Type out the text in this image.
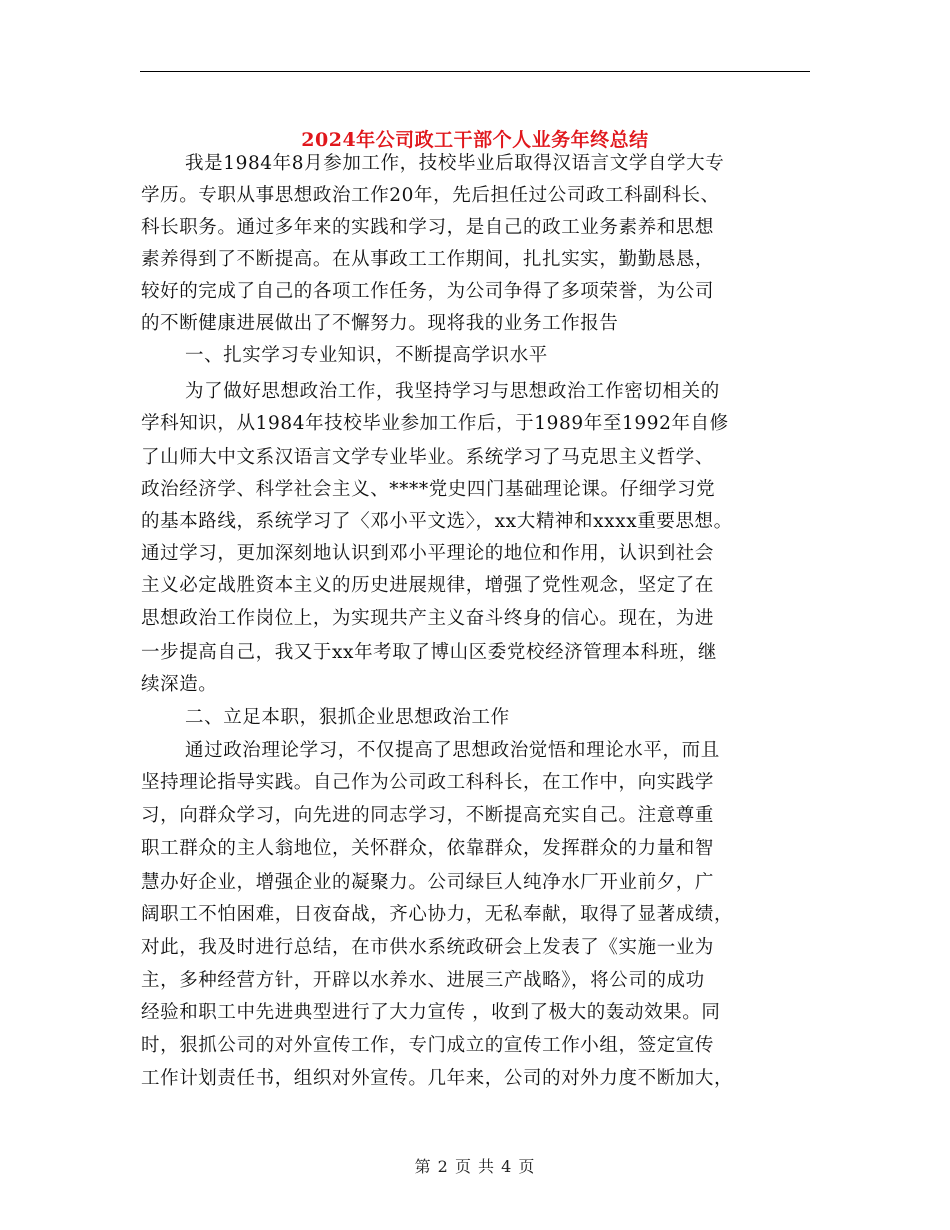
2024年公司政工干部个人业务年终总结
我是1984年8月参加工作，技校毕业后取得汉语言文学自学大专
学历。专职从事思想政治工作20年，先后担任过公司政工科副科长、
科长职务。通过多年来的实践和学习，是自己的政工业务素养和思想
素养得到了不断提高。在从事政工工作期间，扎扎实实，勤勤恳恳，
较好的完成了自己的各项工作任务，为公司争得了多项荣誉，为公司
的不断健康进展做出了不懈努力。现将我的业务工作报告
一、扎实学习专业知识，不断提高学识水平
为了做好思想政治工作，我坚持学习与思想政治工作密切相关的
学科知识，从1984年技校毕业参加工作后，于1989年至1992年自修
了山师大中文系汉语言文学专业毕业。系统学习了马克思主义哲学、
政治经济学、科学社会主义、****党史四门基础理论课。仔细学习党
的基本路线，系统学习了〈邓小平文选〉，xx大精神和xxxx重要思想。
通过学习，更加深刻地认识到邓小平理论的地位和作用，认识到社会
主义必定战胜资本主义的历史进展规律，增强了党性观念，坚定了在
思想政治工作岗位上，为实现共产主义奋斗终身的信心。现在，为进
一步提高自己，我又于xx年考取了博山区委党校经济管理本科班，继
续深造。
二、立足本职，狠抓企业思想政治工作
通过政治理论学习，不仅提高了思想政治觉悟和理论水平，而且
坚持理论指导实践。自己作为公司政工科科长，在工作中，向实践学
习，向群众学习，向先进的同志学习，不断提高充实自己。注意尊重
职工群众的主人翁地位，关怀群众，依靠群众，发挥群众的力量和智
慧办好企业，增强企业的凝聚力。公司绿巨人纯净水厂开业前夕，广
阔职工不怕困难，日夜奋战，齐心协力，无私奉献，取得了显著成绩，
对此，我及时进行总结，在市供水系统政研会上发表了《实施一业为
主，多种经营方针，开辟以水养水、进展三产战略》，将公司的成功
经验和职工中先进典型进行了大力宣传 ，收到了极大的轰动效果。同
时，狠抓公司的对外宣传工作，专门成立的宣传工作小组，签定宣传
工作计划责任书，组织对外宣传。几年来，公司的对外力度不断加大，
第 2 页 共 4 页
